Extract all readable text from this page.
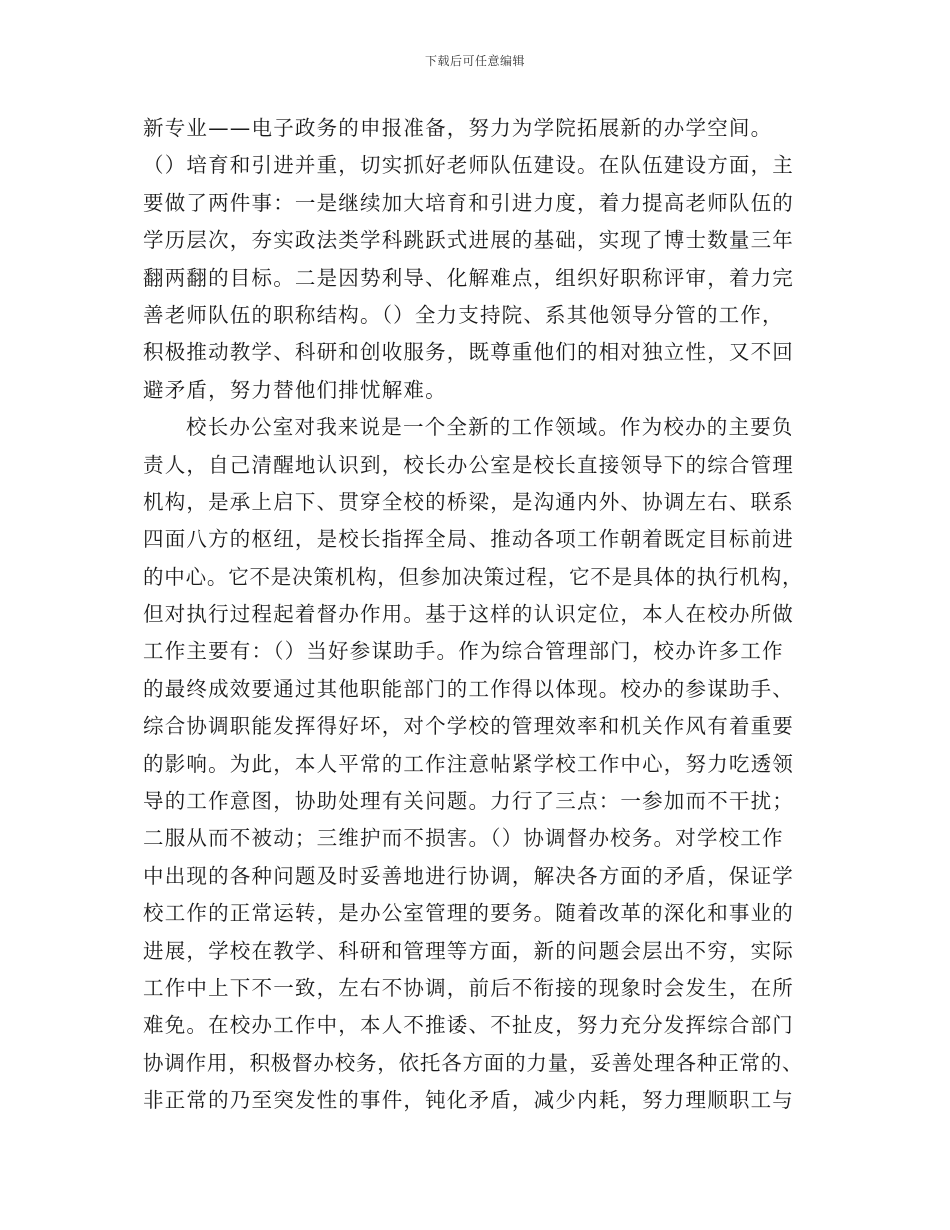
下载后可任意编辑
新专业——电子政务的申报准备，努力为学院拓展新的办学空间。
（）培育和引进并重，切实抓好老师队伍建设。在队伍建设方面，主
要做了两件事：一是继续加大培育和引进力度，着力提高老师队伍的
学历层次，夯实政法类学科跳跃式进展的基础，实现了博士数量三年
翻两翻的目标。二是因势利导、化解难点，组织好职称评审，着力完
善老师队伍的职称结构。（）全力支持院、系其他领导分管的工作，
积极推动教学、科研和创收服务，既尊重他们的相对独立性，又不回
避矛盾，努力替他们排忧解难。
校长办公室对我来说是一个全新的工作领域。作为校办的主要负
责人，自己清醒地认识到，校长办公室是校长直接领导下的综合管理
机构，是承上启下、贯穿全校的桥梁，是沟通内外、协调左右、联系
四面八方的枢纽，是校长指挥全局、推动各项工作朝着既定目标前进
的中心。它不是决策机构，但参加决策过程，它不是具体的执行机构，
但对执行过程起着督办作用。基于这样的认识定位，本人在校办所做
工作主要有：（）当好参谋助手。作为综合管理部门，校办许多工作
的最终成效要通过其他职能部门的工作得以体现。校办的参谋助手、
综合协调职能发挥得好坏，对个学校的管理效率和机关作风有着重要
的影响。为此，本人平常的工作注意帖紧学校工作中心，努力吃透领
导的工作意图，协助处理有关问题。力行了三点：一参加而不干扰；
二服从而不被动；三维护而不损害。（）协调督办校务。对学校工作
中出现的各种问题及时妥善地进行协调，解决各方面的矛盾，保证学
校工作的正常运转，是办公室管理的要务。随着改革的深化和事业的
进展，学校在教学、科研和管理等方面，新的问题会层出不穷，实际
工作中上下不一致，左右不协调，前后不衔接的现象时会发生，在所
难免。在校办工作中，本人不推诿、不扯皮，努力充分发挥综合部门
协调作用，积极督办校务，依托各方面的力量，妥善处理各种正常的、
非正常的乃至突发性的事件，钝化矛盾，减少内耗，努力理顺职工与
